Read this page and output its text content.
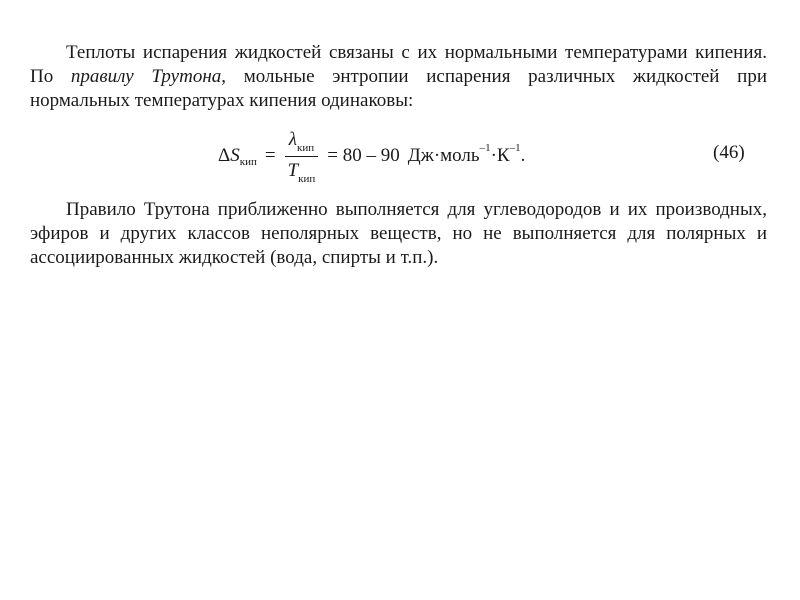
Теплоты испарения жидкостей связаны с их нормальными температурами кипения. По правилу Трутона, мольные энтропии испарения различных жидкостей при нормальных температурах кипения одинаковы:

Δ S кип = $\frac{\lambda_{кип}}{T_{кип}} = 80 - 90$ Дж·моль –1 · К –1 .	(46)

Правило Трутона приближенно выполняется для углеводородов и их производных, эфиров и других классов неполярных веществ, но не выполняется для полярных и ассоциированных жидкостей (вода, спирты и т.п.).
